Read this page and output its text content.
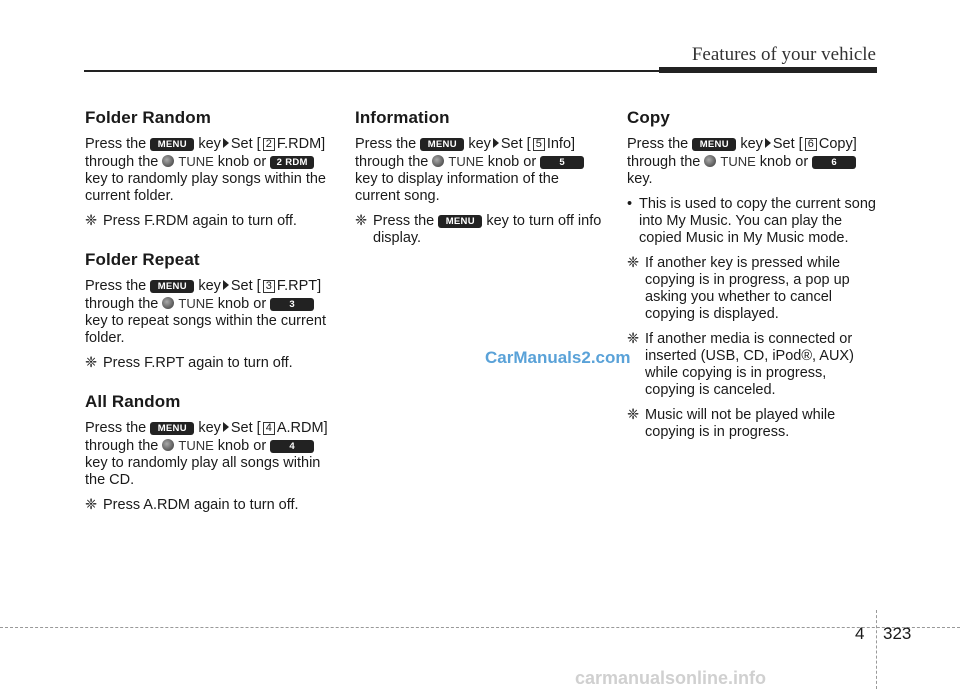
Features of your vehicle
Folder Random

Press the MENU key Set [ 2 F.RDM] through the TUNE knob or 2 RDM key to randomly play songs within the current folder.

❈ Press F.RDM again to turn off.

Folder Repeat

Press the MENU key Set [ 3 F.RPT] through the TUNE knob or 3 key to repeat songs within the current folder.

❈ Press F.RPT again to turn off.

All Random

Press the MENU key Set [ 4 A.RDM] through the TUNE knob or 4 key to randomly play all songs within the CD.

❈ Press A.RDM again to turn off.

Information

Press the MENU key Set [ 5 Info] through the TUNE knob or 5 key to display information of the current song.

❈ Press the MENU key to turn off info display.

Copy

Press the MENU key Set [ 6 Copy] through the TUNE knob or 6 key.

• This is used to copy the current song into My Music. You can play the copied Music in My Music mode.

❈ If another key is pressed while copying is in progress, a pop up asking you whether to cancel copying is displayed.

❈ If another media is connected or inserted (USB, CD, iPod®, AUX) while copying is in progress, copying is canceled.

❈ Music will not be played while copying is in progress.

CarManuals2.com
4 323
carmanualsonline.info
